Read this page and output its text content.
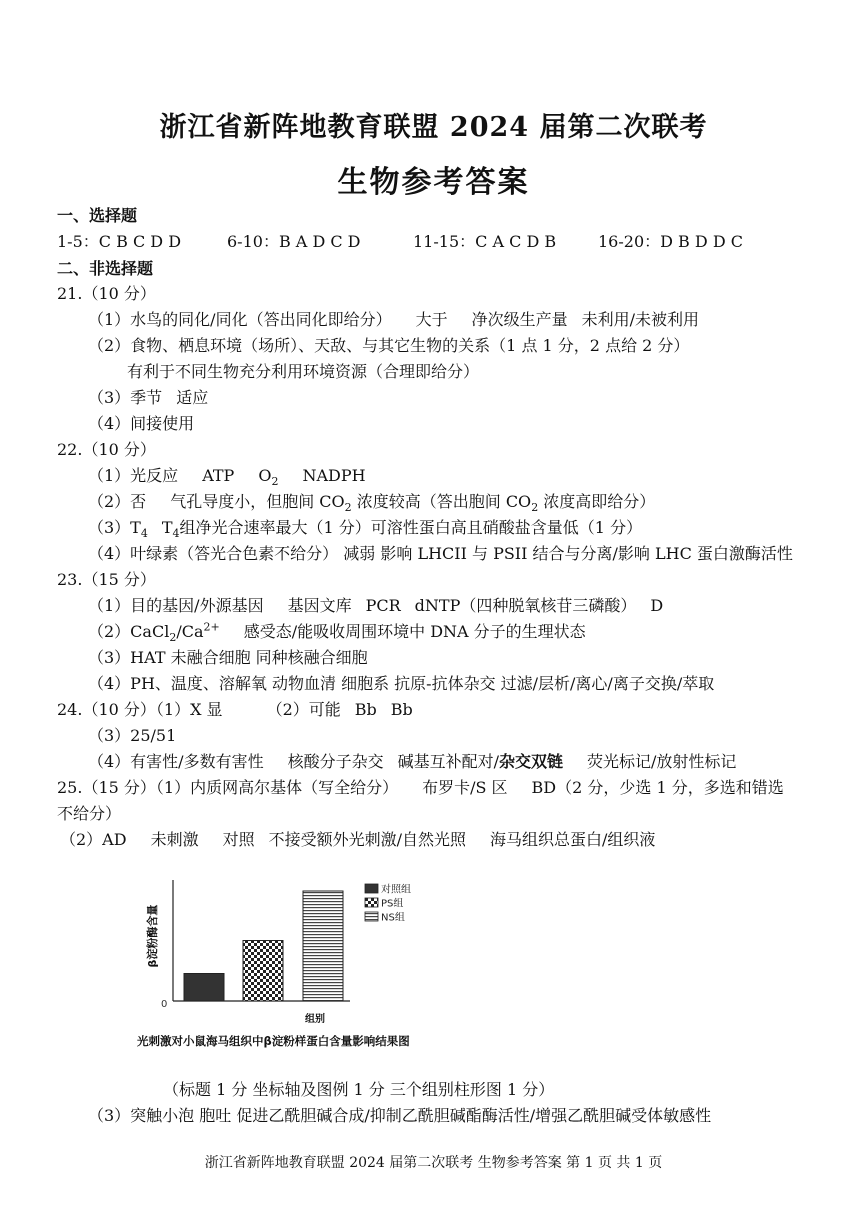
浙江省新阵地教育联盟 2024 届第二次联考
生物参考答案
一、选择题
1-5：C B C D D	6-10：B A D C D	11-15：C A C D B	16-20：D B D D C
二、非选择题
21.（10 分）
（1）水鸟的同化/同化（答出同化即给分） 大于 净次级生产量 未利用/未被利用
（2）食物、栖息环境（场所）、天敌、与其它生物的关系（1 点 1 分，2 点给 2 分）
有利于不同生物充分利用环境资源（合理即给分）
（3）季节 适应
（4）间接使用
22.（10 分）
（1）光反应 ATP $O_2$ NADPH
（2）否 气孔导度小，但胞间 $CO_2$ 浓度较高（答出胞间 $CO_2$ 浓度高即给分）
$(3)T_4$ $T_4$组净光合速率最大（1 分）可溶性蛋白高且硝酸盐含量低（1 分）
（4）叶绿素（答光合色素不给分） 减弱 影响 LHCII 与 PSII 结合与分离/影响 LHC 蛋白激酶活性
23.（15 分）
（1）目的基因/外源基因 基因文库 PCR dNTP（四种脱氧核苷三磷酸） D
$(2)CaCl_2/Ca^{2+}$ 感受态/能吸收周围环境中 DNA 分子的生理状态
（3）HAT 未融合细胞 同种核融合细胞
（4）PH、温度、溶解氧 动物血清 细胞系 抗原-抗体杂交 过滤/层析/离心/离子交换/萃取
24.（10 分）（1）X 显	（2）可能 Bb Bb
（3）25/51
（4）有害性/多数有害性 核酸分子杂交 碱基互补配对/杂交双链 荧光标记/放射性标记
25.（15 分）（1）内质网高尔基体（写全给分） 布罗卡/S 区 BD（2 分，少选 1 分，多选和错选
不给分）
（2）AD 未刺激 对照 不接受额外光刺激/自然光照 海马组织总蛋白/组织液
对照组
PS组
NS组
β淀粉酶含量
0
组别
光刺激对小鼠海马组织中β淀粉样蛋白含量影响结果图
（标题 1 分 坐标轴及图例 1 分 三个组别柱形图 1 分）
（3）突触小泡 胞吐 促进乙酰胆碱合成/抑制乙酰胆碱酯酶活性/增强乙酰胆碱受体敏感性
浙江省新阵地教育联盟 2024 届第二次联考 生物参考答案 第 1 页 共 1 页
